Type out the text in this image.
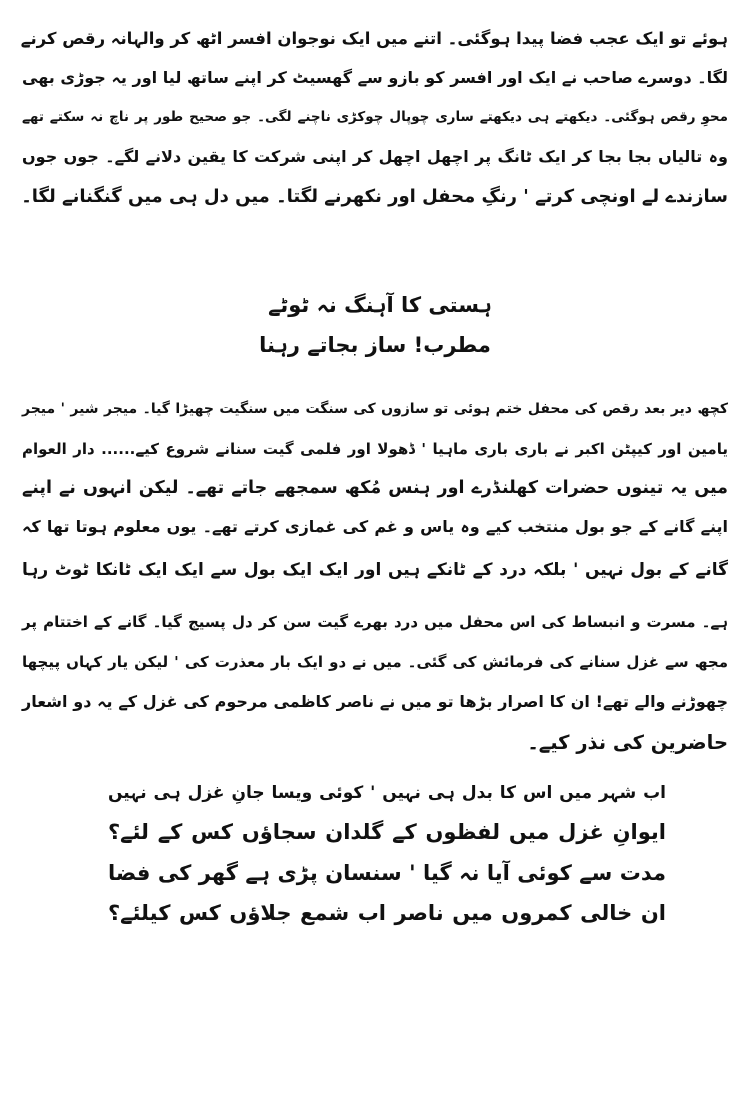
ہوئے تو ایک عجب فضا پیدا ہوگئی۔ اتنے میں ایک نوجوان افسر اٹھ کر والہانہ رقص کرنے
لگا۔ دوسرے صاحب نے ایک اور افسر کو بازو سے گھسیٹ کر اپنے ساتھ لیا اور یہ جوڑی بھی
محوِ رقص ہوگئی۔ دیکھتے ہی دیکھتے ساری چوپال چوکڑی ناچنے لگی۔ جو صحیح طور پر ناچ نہ سکتے تھے
وہ تالیاں بجا بجا کر ایک ٹانگ پر اچھل اچھل کر اپنی شرکت کا یقین دلانے لگے۔ جوں جوں
سازندے لے اونچی کرتے ' رنگِ محفل اور نکھرنے لگتا۔ میں دل ہی میں گنگنانے لگا۔
ہستی کا آہنگ نہ ٹوٹے
مطرب! ساز بجاتے رہنا
کچھ دیر بعد رقص کی محفل ختم ہوئی تو سازوں کی سنگت میں سنگیت چھیڑا گیا۔ میجر شیر ' میجر
یامین اور کیپٹن اکبر نے باری باری ماہیا ' ڈھولا اور فلمی گیت سنانے شروع کیے...... دار العوام
میں یہ تینوں حضرات کھلنڈرے اور ہنس مُکھ سمجھے جاتے تھے۔ لیکن انہوں نے اپنے
اپنے گانے کے جو بول منتخب کیے وہ یاس و غم کی غمازی کرتے تھے۔ یوں معلوم ہوتا تھا کہ
گانے کے بول نہیں ' بلکہ درد کے ٹانکے ہیں اور ایک ایک بول سے ایک ایک ٹانکا ٹوٹ رہا
ہے۔ مسرت و انبساط کی اس محفل میں درد بھرے گیت سن کر دل پسیج گیا۔ گانے کے اختتام پر
مجھ سے غزل سنانے کی فرمائش کی گئی۔ میں نے دو ایک بار معذرت کی ' لیکن یار کہاں پیچھا
چھوڑنے والے تھے! ان کا اصرار بڑھا تو میں نے ناصر کاظمی مرحوم کی غزل کے یہ دو اشعار
حاضرین کی نذر کیے۔
اب شہر میں اس کا بدل ہی نہیں ' کوئی ویسا جانِ غزل ہی نہیں
ایوانِ غزل میں لفظوں کے گلدان سجاؤں کس کے لئے؟
مدت سے کوئی آیا نہ گیا ' سنسان پڑی ہے گھر کی فضا
ان خالی کمروں میں ناصر اب شمع جلاؤں کس کیلئے؟
